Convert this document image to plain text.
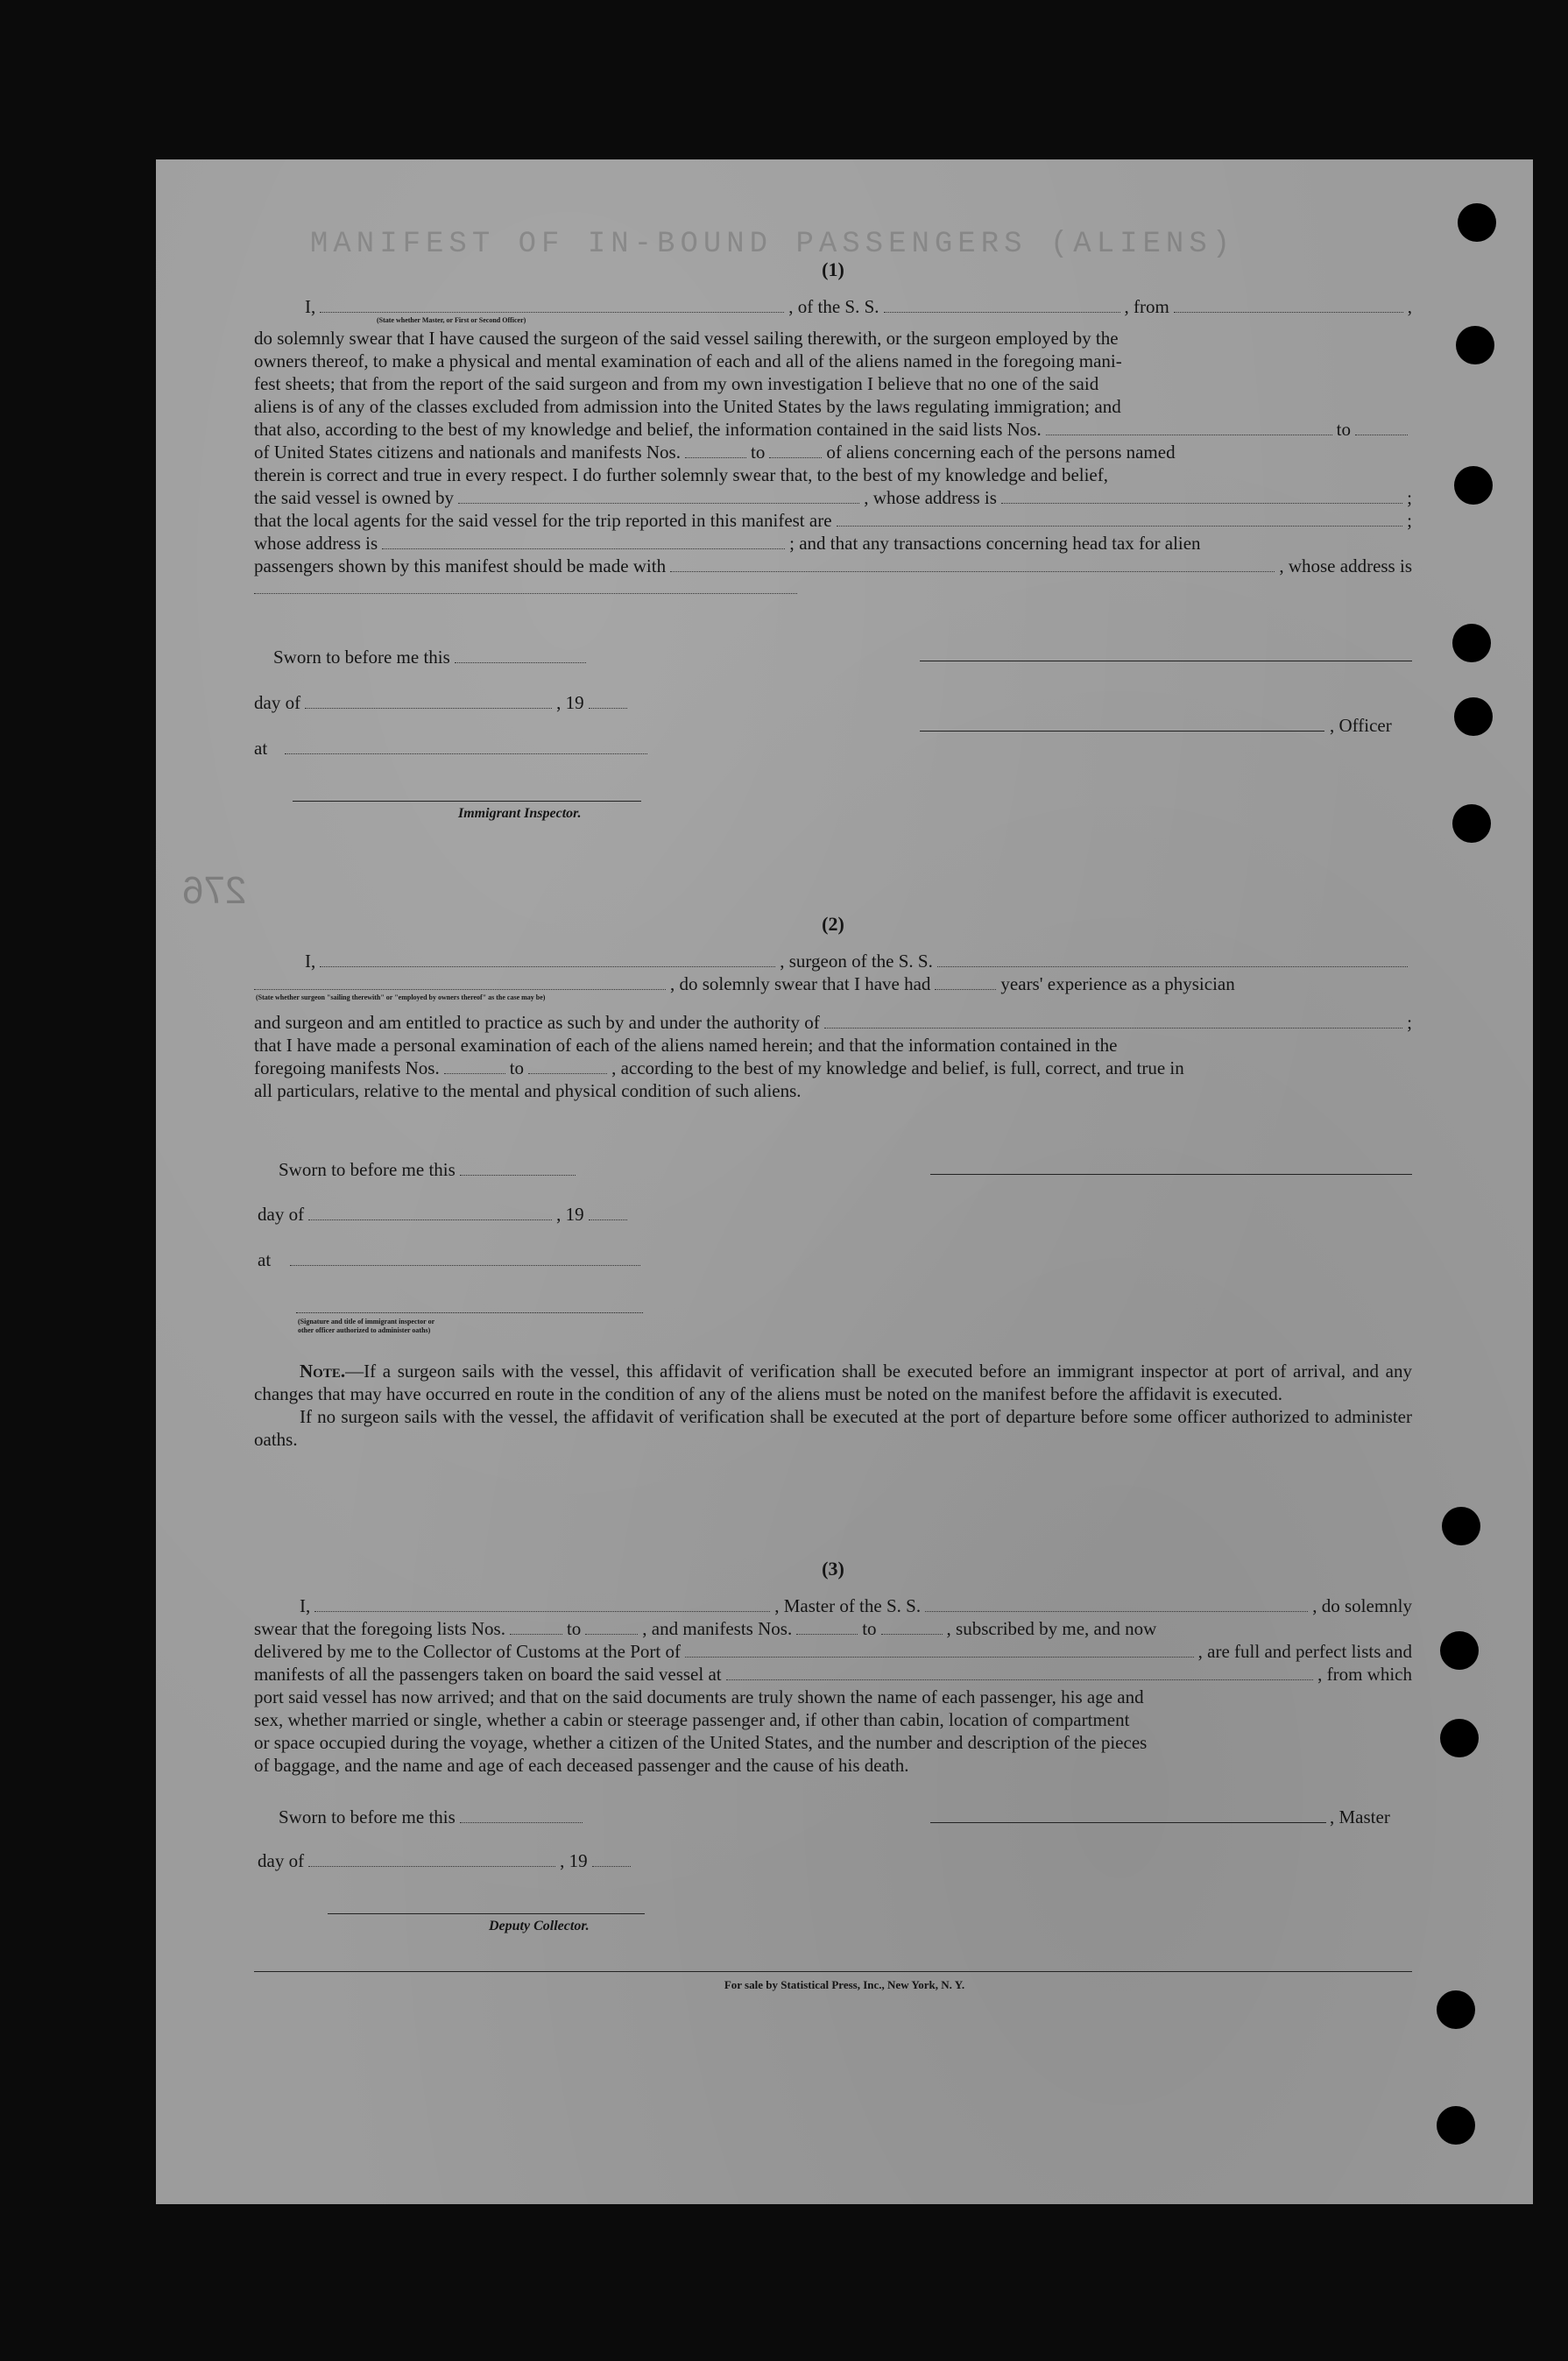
MANIFEST OF IN-BOUND PASSENGERS (ALIENS)
276
(1)
I,	, of the S. S.	, from	,
(State whether Master, or First or Second Officer)
do solemnly swear that I have caused the surgeon of the said vessel sailing therewith, or the surgeon employed by the
owners thereof, to make a physical and mental examination of each and all of the aliens named in the foregoing mani-
fest sheets; that from the report of the said surgeon and from my own investigation I believe that no one of the said
aliens is of any of the classes excluded from admission into the United States by the laws regulating immigration; and
that also, according to the best of my knowledge and belief, the information contained in the said lists Nos.	to
of United States citizens and nationals and manifests Nos.	to	of aliens concerning each of the persons named
therein is correct and true in every respect. I do further solemnly swear that, to the best of my knowledge and belief,
the said vessel is owned by	, whose address is	;
that the local agents for the said vessel for the trip reported in this manifest are	;
whose address is	; and that any transactions concerning head tax for alien
passengers shown by this manifest should be made with	, whose address is
Sworn to before me this
day of	, 19
, Officer
at
Immigrant Inspector.
(2)
I,	, surgeon of the S. S.
, do solemnly swear that I have had	years' experience as a physician
(State whether surgeon "sailing therewith" or "employed by owners thereof" as the case may be)
and surgeon and am entitled to practice as such by and under the authority of	;
that I have made a personal examination of each of the aliens named herein; and that the information contained in the
foregoing manifests Nos.	to	, according to the best of my knowledge and belief, is full, correct, and true in
all particulars, relative to the mental and physical condition of such aliens.
Sworn to before me this
day of	, 19
at
(Signature and title of immigrant inspector or
other officer authorized to administer oaths)
Note.—If a surgeon sails with the vessel, this affidavit of verification shall be executed before an immigrant inspector at port of arrival, and any changes that may have occurred en route in the condition of any of the aliens must be noted on the manifest before the affidavit is executed.
If no surgeon sails with the vessel, the affidavit of verification shall be executed at the port of departure before some officer authorized to administer oaths.
(3)
I,	, Master of the S. S.	, do solemnly
swear that the foregoing lists Nos.	to	, and manifests Nos.	to	, subscribed by me, and now
delivered by me to the Collector of Customs at the Port of	, are full and perfect lists and
manifests of all the passengers taken on board the said vessel at	, from which
port said vessel has now arrived; and that on the said documents are truly shown the name of each passenger, his age and
sex, whether married or single, whether a cabin or steerage passenger and, if other than cabin, location of compartment
or space occupied during the voyage, whether a citizen of the United States, and the number and description of the pieces
of baggage, and the name and age of each deceased passenger and the cause of his death.
Sworn to before me this	, Master
day of	, 19
Deputy Collector.
For sale by Statistical Press, Inc., New York, N. Y.
